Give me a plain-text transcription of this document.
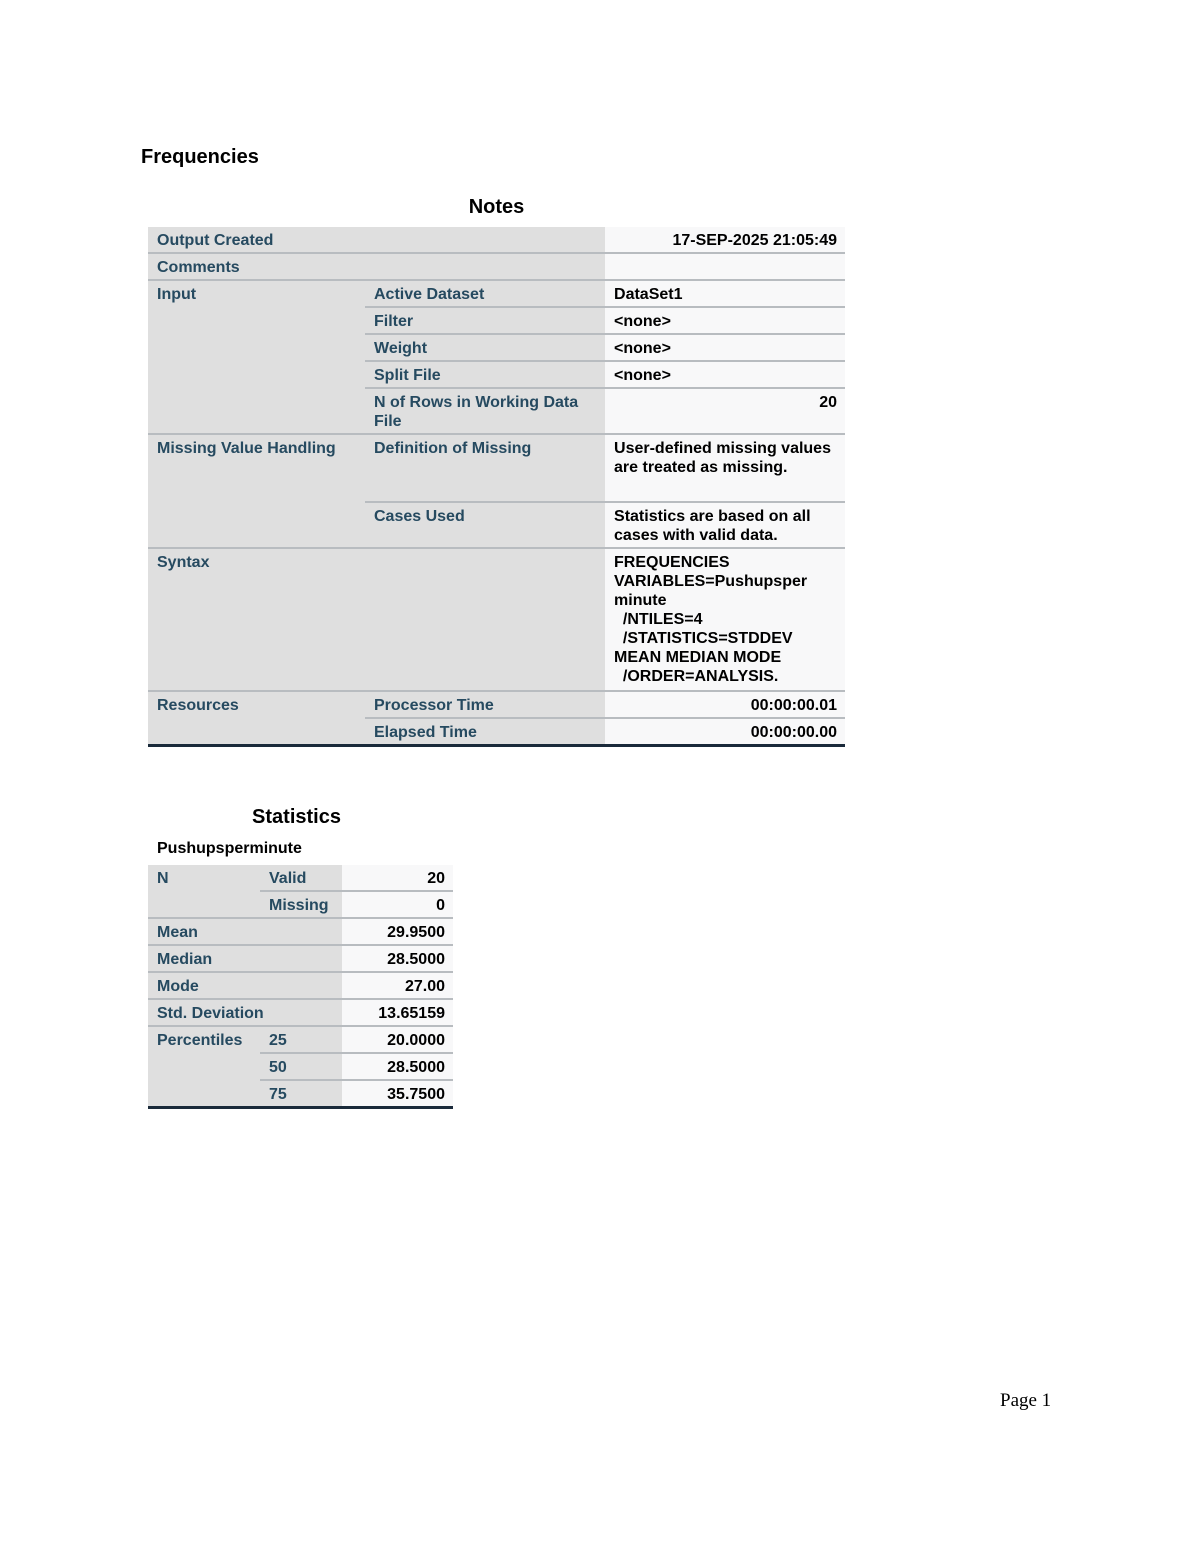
Frequencies
Notes
Output Created		17-SEP-2025 21:05:49
Comments		
Input	Active Dataset	DataSet1
	Filter	<none>
	Weight	<none>
	Split File	<none>
	N of Rows in Working Data File	20
Missing Value Handling	Definition of Missing	User-defined missing values are treated as missing.
	Cases Used	Statistics are based on all cases with valid data.
Syntax		FREQUENCIES VARIABLES=Pushupsper minute
/NTILES=4
/STATISTICS=STDDEV MEAN MEDIAN MODE
/ORDER=ANALYSIS.
Resources	Processor Time	00:00:00.01
	Elapsed Time	00:00:00.00
Statistics
Pushupsperminute
N	Valid	20
	Missing	0
Mean		29.9500
Median		28.5000
Mode		27.00
Std. Deviation		13.65159
Percentiles	25	20.0000
	50	28.5000
	75	35.7500
Page 1
